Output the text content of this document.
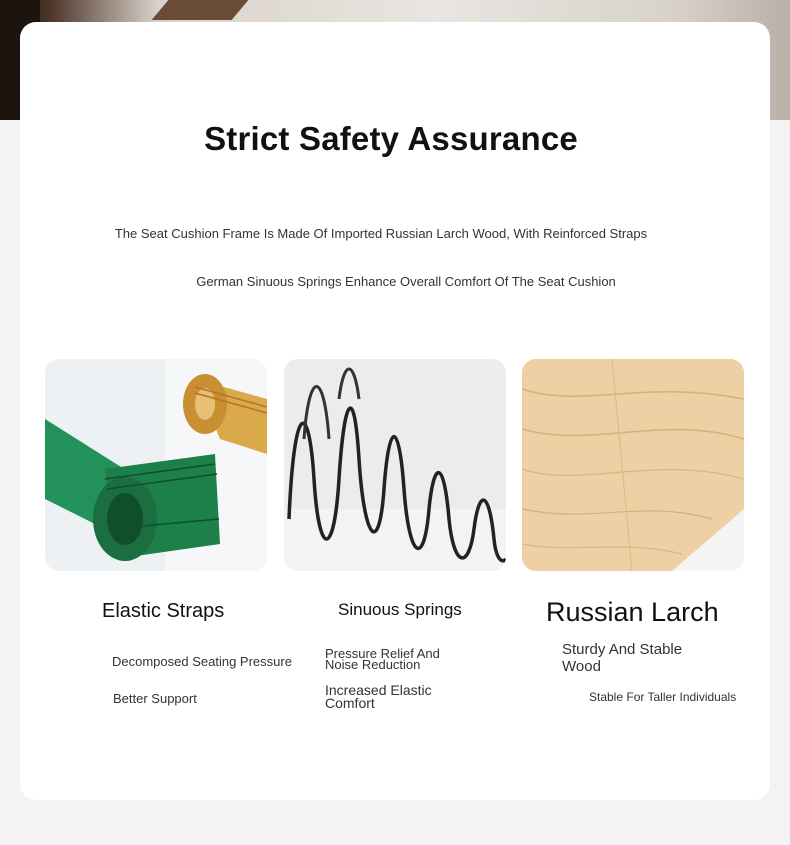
Strict Safety Assurance
The Seat Cushion Frame Is Made Of Imported Russian Larch Wood, With Reinforced Straps
German Sinuous Springs Enhance Overall Comfort Of The Seat Cushion
Elastic Straps	Sinuous Springs	Russian Larch
Decomposed Seating Pressure
Better Support
Pressure Relief And Noise Reduction
Increased Elastic Comfort
Sturdy And Stable Wood
Stable For Taller Individuals
